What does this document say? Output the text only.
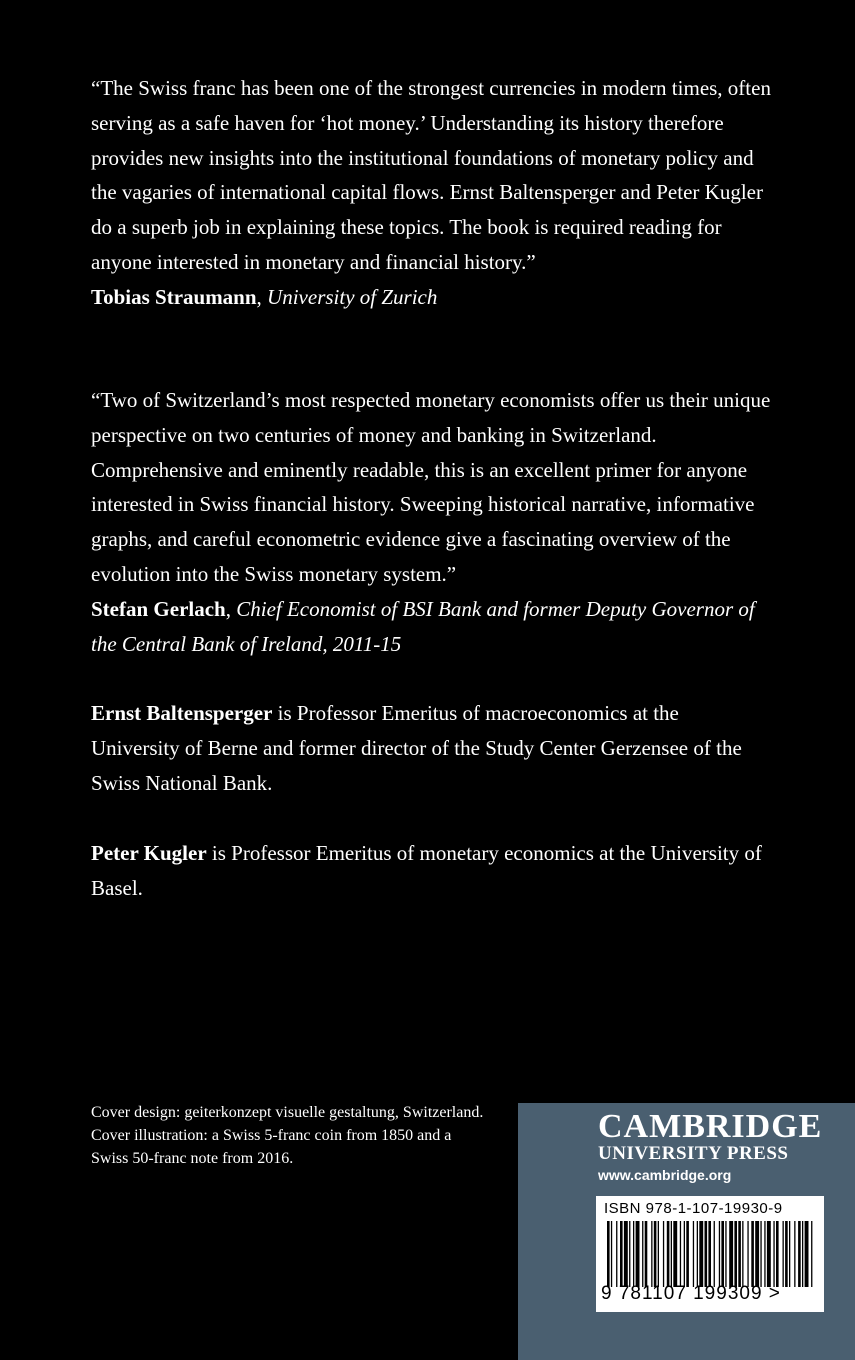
“The Swiss franc has been one of the strongest currencies in modern times, often serving as a safe haven for ‘hot money.’ Understanding its history therefore provides new insights into the institutional foundations of monetary policy and the vagaries of international capital flows. Ernst Baltensperger and Peter Kugler do a superb job in explaining these topics. The book is required reading for anyone interested in monetary and financial history.”
Tobias Straumann, University of Zurich
“Two of Switzerland’s most respected monetary economists offer us their unique perspective on two centuries of money and banking in Switzerland. Comprehensive and eminently readable, this is an excellent primer for anyone interested in Swiss financial history. Sweeping historical narrative, informative graphs, and careful econometric evidence give a fascinating overview of the evolution into the Swiss monetary system.”
Stefan Gerlach, Chief Economist of BSI Bank and former Deputy Governor of the Central Bank of Ireland, 2011-15
Ernst Baltensperger is Professor Emeritus of macroeconomics at the University of Berne and former director of the Study Center Gerzensee of the Swiss National Bank.
Peter Kugler is Professor Emeritus of monetary economics at the University of Basel.
Cover design: geiterkonzept visuelle gestaltung, Switzerland.
Cover illustration: a Swiss 5-franc coin from 1850 and a Swiss 50-franc note from 2016.
CAMBRIDGE
UNIVERSITY PRESS
www.cambridge.org
ISBN 978-1-107-19930-9
9 781107 199309 >
